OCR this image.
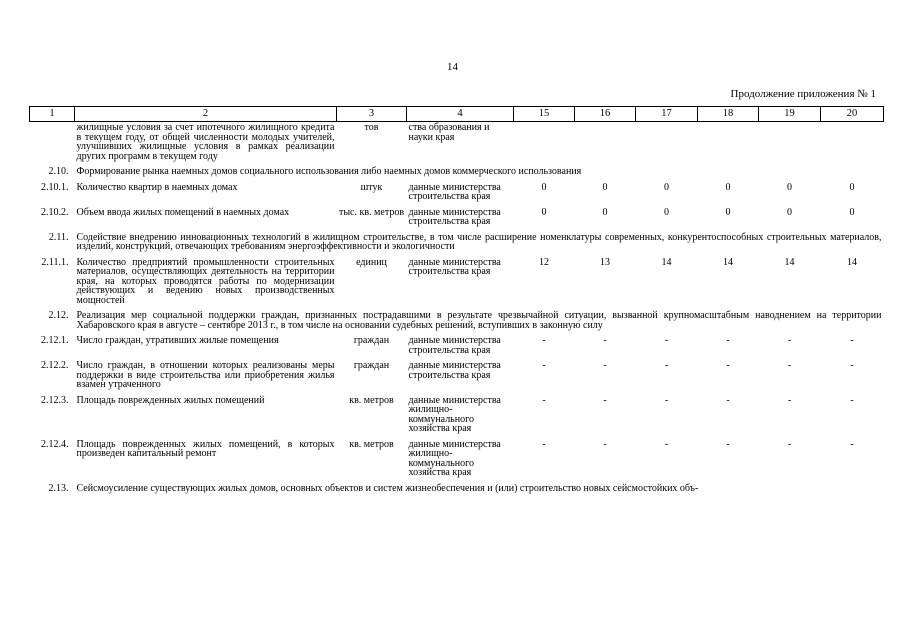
14
Продолжение приложения № 1
1	2	3	4	15	16	17	18	19	20
	жилищные условия за счет ипотечного жилищного кредита в текущем году, от общей численности молодых учителей, улучшивших жилищные условия в рамках реализации других программ в текущем году	тов	ства образования и науки края						
2.10.	Формирование рынка наемных домов социального использования либо наемных домов коммерческого использования								
2.10.1.	Количество квартир в наемных домах	штук	данные министерства строительства края	0	0	0	0	0	0
2.10.2.	Объем ввода жилых помещений в наемных домах	тыс. кв. метров	данные министерства строительства края	0	0	0	0	0	0
2.11.	Содействие внедрению инновационных технологий в жилищном строительстве, в том числе расширение номенклатуры современных, конкурентоспособных строительных материалов, изделий, конструкций, отвечающих требованиям энергоэффективности и экологичности								
2.11.1.	Количество предприятий промышленности строительных материалов, осуществляющих деятельность на территории края, на которых проводятся работы по модернизации действующих и ведению новых производственных мощностей	единиц	данные министерства строительства края	12	13	14	14	14	14
2.12.	Реализация мер социальной поддержки граждан, признанных пострадавшими в результате чрезвычайной ситуации, вызванной крупномасштабным наводнением на территории Хабаровского края в августе – сентябре 2013 г., в том числе на основании судебных решений, вступивших в законную силу								
2.12.1.	Число граждан, утративших жилые помещения	граждан	данные министерства строительства края	-	-	-	-	-	-
2.12.2.	Число граждан, в отношении которых реализованы меры поддержки в виде строительства или приобретения жилья взамен утраченного	граждан	данные министерства строительства края	-	-	-	-	-	-
2.12.3.	Площадь поврежденных жилых помещений	кв. метров	данные министерства жилищно-коммунального хозяйства края	-	-	-	-	-	-
2.12.4.	Площадь поврежденных жилых помещений, в которых произведен капитальный ремонт	кв. метров	данные министерства жилищно-коммунального хозяйства края	-	-	-	-	-	-
2.13.	Сейсмоусиление существующих жилых домов, основных объектов и систем жизнеобеспечения и (или) строительство новых сейсмостойких объ-								
